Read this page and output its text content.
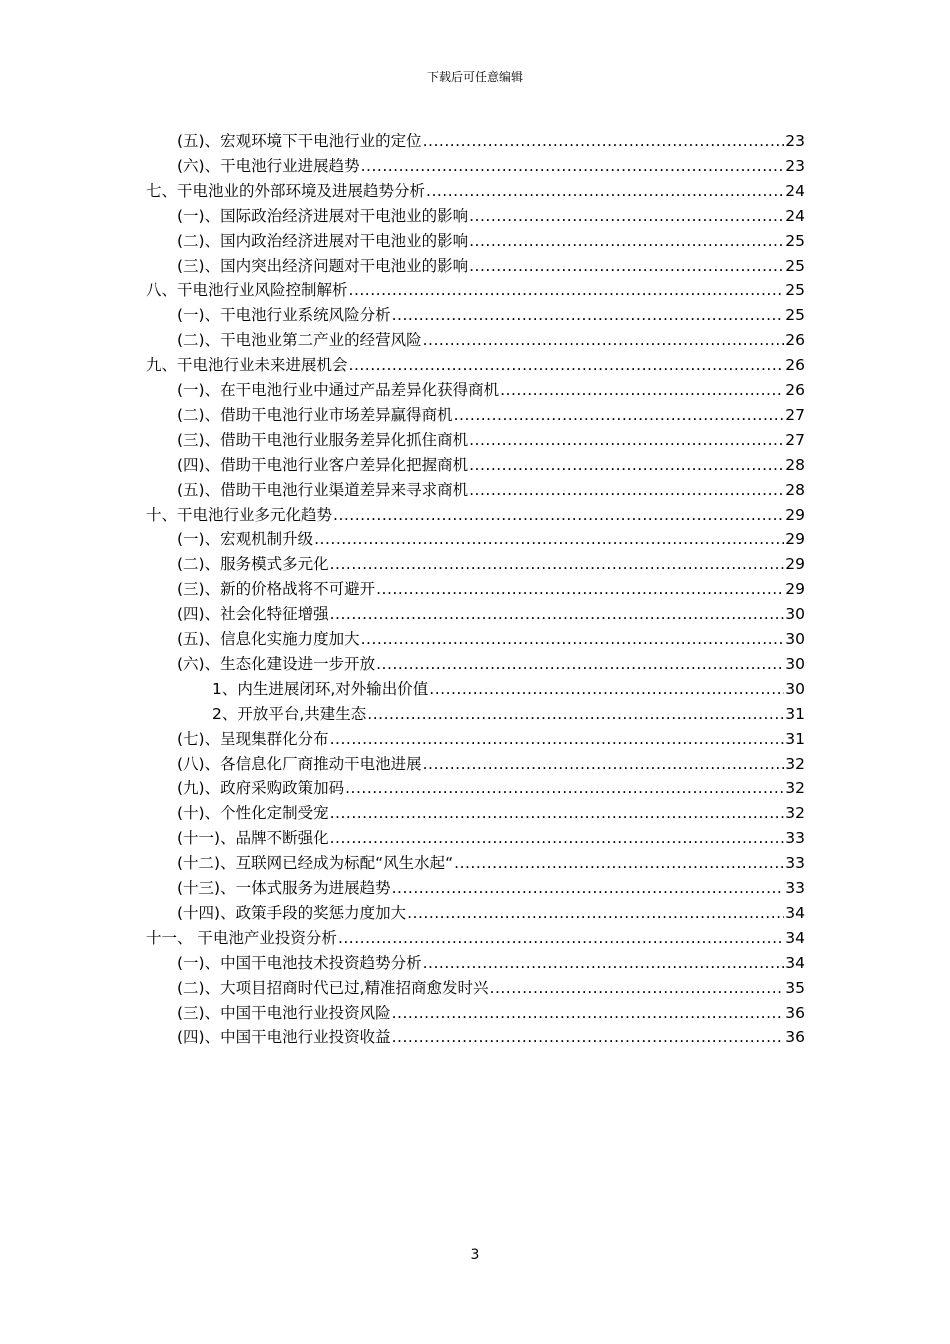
下载后可任意编辑
(五)、宏观环境下干电池行业的定位 .....	23
(六)、干电池行业进展趋势 .....	23
七、干电池业的外部环境及进展趋势分析 .....	24
(一)、国际政治经济进展对干电池业的影响 .....	24
(二)、国内政治经济进展对干电池业的影响 .....	25
(三)、国内突出经济问题对干电池业的影响 .....	25
八、干电池行业风险控制解析 .....	25
(一)、干电池行业系统风险分析 .....	25
(二)、干电池业第二产业的经营风险 .....	26
九、干电池行业未来进展机会 .....	26
(一)、在干电池行业中通过产品差异化获得商机 .....	26
(二)、借助干电池行业市场差异赢得商机 .....	27
(三)、借助干电池行业服务差异化抓住商机 .....	27
(四)、借助干电池行业客户差异化把握商机 .....	28
(五)、借助干电池行业渠道差异来寻求商机 .....	28
十、干电池行业多元化趋势 .....	29
(一)、宏观机制升级 .....	29
(二)、服务模式多元化 .....	29
(三)、新的价格战将不可避开 .....	29
(四)、社会化特征增强 .....	30
(五)、信息化实施力度加大 .....	30
(六)、生态化建设进一步开放 .....	30
1、内生进展闭环,对外输出价值 .....	30
2、开放平台,共建生态 .....	31
(七)、呈现集群化分布 .....	31
(八)、各信息化厂商推动干电池进展 .....	32
(九)、政府采购政策加码 .....	32
(十)、个性化定制受宠 .....	32
(十一)、品牌不断强化 .....	33
(十二)、互联网已经成为标配“风生水起“ .....	33
(十三)、一体式服务为进展趋势 .....	33
(十四)、政策手段的奖惩力度加大 .....	34
十一、 干电池产业投资分析 .....	34
(一)、中国干电池技术投资趋势分析 .....	34
(二)、大项目招商时代已过,精准招商愈发时兴 .....	35
(三)、中国干电池行业投资风险 .....	36
(四)、中国干电池行业投资收益 .....	36
3
